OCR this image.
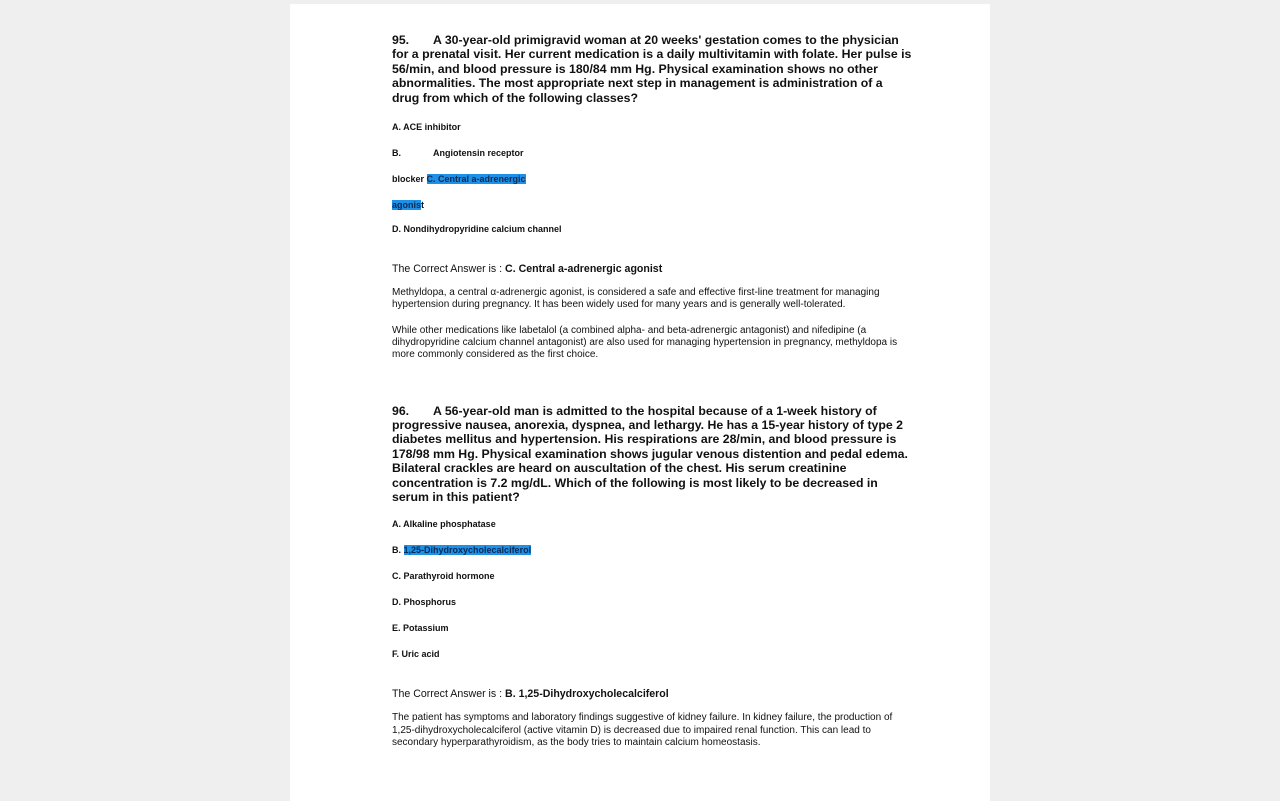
95. A 30-year-old primigravid woman at 20 weeks' gestation comes to the physician for a prenatal visit. Her current medication is a daily multivitamin with folate. Her pulse is 56/min, and blood pressure is 180/84 mm Hg. Physical examination shows no other abnormalities. The most appropriate next step in management is administration of a drug from which of the following classes?

A. ACE inhibitor

B.	Angiotensin receptor

blocker C. Central a-adrenergic

agonist

D. Nondihydropyridine calcium channel

The Correct Answer is : C. Central a-adrenergic agonist

Methyldopa, a central α-adrenergic agonist, is considered a safe and effective first-line treatment for managing hypertension during pregnancy. It has been widely used for many years and is generally well-tolerated.

While other medications like labetalol (a combined alpha- and beta-adrenergic antagonist) and nifedipine (a dihydropyridine calcium channel antagonist) are also used for managing hypertension in pregnancy, methyldopa is more commonly considered as the first choice.

96. A 56-year-old man is admitted to the hospital because of a 1-week history of progressive nausea, anorexia, dyspnea, and lethargy. He has a 15-year history of type 2 diabetes mellitus and hypertension. His respirations are 28/min, and blood pressure is 178/98 mm Hg. Physical examination shows jugular venous distention and pedal edema. Bilateral crackles are heard on auscultation of the chest. His serum creatinine concentration is 7.2 mg/dL. Which of the following is most likely to be decreased in serum in this patient?

A. Alkaline phosphatase

B. 1,25-Dihydroxycholecalciferol

C. Parathyroid hormone

D. Phosphorus

E. Potassium

F. Uric acid

The Correct Answer is : B. 1,25-Dihydroxycholecalciferol

The patient has symptoms and laboratory findings suggestive of kidney failure. In kidney failure, the production of 1,25-dihydroxycholecalciferol (active vitamin D) is decreased due to impaired renal function. This can lead to secondary hyperparathyroidism, as the body tries to maintain calcium homeostasis.
